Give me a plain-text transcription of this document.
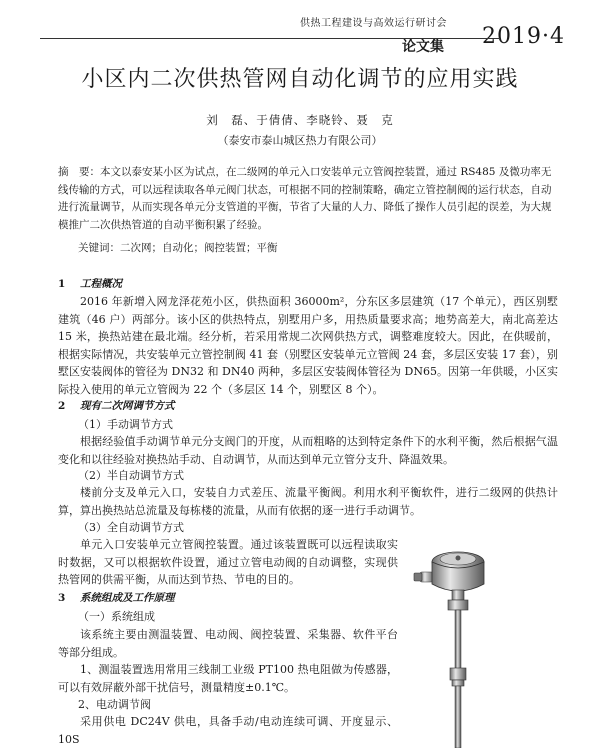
供热工程建设与高效运行研讨会
论文集 2019·4
小区内二次供热管网自动化调节的应用实践
刘　磊、于倩倩、李晓铃、聂　克
（泰安市泰山城区热力有限公司）
摘　要：本文以泰安某小区为试点，在二级网的单元入口安装单元立管阀控装置，通过 RS485 及微功率无线传输的方式，可以远程读取各单元阀门状态，可根据不同的控制策略，确定立管控制阀的运行状态，自动进行流量调节，从而实现各单元分支管道的平衡，节省了大量的人力、降低了操作人员引起的误差，为大规模推广二次供热管道的自动平衡积累了经验。
关键词：二次网；自动化；阀控装置；平衡
1 工程概况
2016 年新增入网龙泽花苑小区，供热面积 36000m²，分东区多层建筑（17 个单元），西区别墅建筑（46 户）两部分。该小区的供热特点，别墅用户多，用热质量要求高；地势高差大，南北高差达 15 米，换热站建在最北端。经分析，若采用常规二次网供热方式，调整难度较大。因此，在供暖前，根据实际情况，共安装单元立管控制阀 41 套（别墅区安装单元立管阀 24 套，多层区安装 17 套），别墅区安装阀体的管径为 DN32 和 DN40 两种，多层区安装阀体管径为 DN65。因第一年供暖，小区实际投入使用的单元立管阀为 22 个（多层区 14 个，别墅区 8 个）。
2 现有二次网调节方式
（1）手动调节方式
根据经验值手动调节单元分支阀门的开度，从而粗略的达到特定条件下的水利平衡，然后根据气温变化和以往经验对换热站手动、自动调节，从而达到单元立管分支升、降温效果。
（2）半自动调节方式
楼前分支及单元入口，安装自力式差压、流量平衡阀。利用水利平衡软件，进行二级网的供热计算，算出换热站总流量及每栋楼的流量，从而有依据的逐一进行手动调节。
（3）全自动调节方式
单元入口安装单元立管阀控装置。通过该装置既可以远程读取实时数据，又可以根据软件设置，通过立管电动阀的自动调整，实现供热管网的供需平衡，从而达到节热、节电的目的。
3 系统组成及工作原理
（一）系统组成
该系统主要由测温装置、电动阀、阀控装置、采集器、软件平台等部分组成。
1、测温装置选用常用三线制工业级 PT100 热电阻做为传感器，可以有效屏蔽外部干扰信号，测量精度±0.1℃。
2、电动调节阀
采用供电 DC24V 供电，具备手动/电动连续可调、开度显示、10S
